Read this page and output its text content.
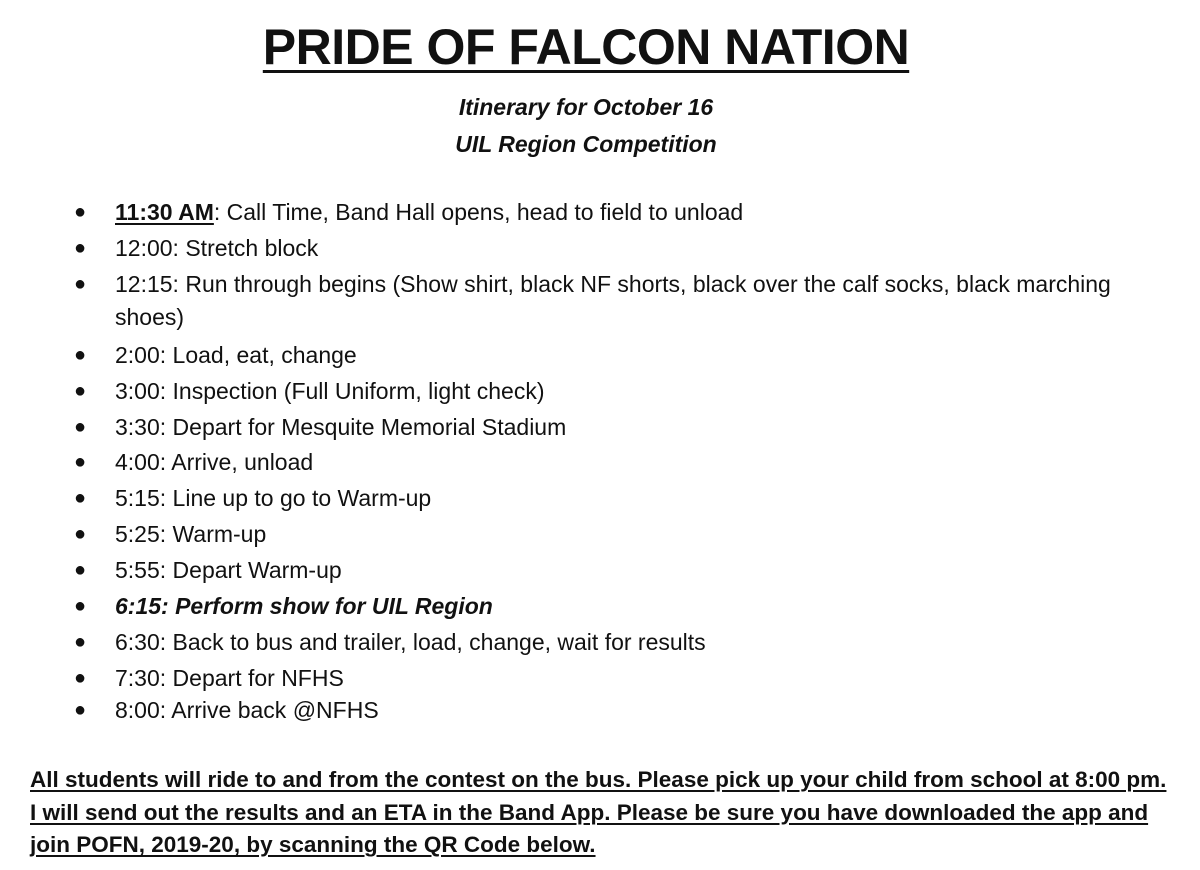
PRIDE OF FALCON NATION
Itinerary for October 16
UIL Region Competition
● 11:30 AM: Call Time, Band Hall opens, head to field to unload
● 12:00: Stretch block
● 12:15: Run through begins (Show shirt, black NF shorts, black over the calf socks, black marching shoes)
● 2:00: Load, eat, change
● 3:00: Inspection (Full Uniform, light check)
● 3:30: Depart for Mesquite Memorial Stadium
● 4:00: Arrive, unload
● 5:15: Line up to go to Warm-up
● 5:25: Warm-up
● 5:55: Depart Warm-up
● 6:15: Perform show for UIL Region
● 6:30: Back to bus and trailer, load, change, wait for results
● 7:30: Depart for NFHS
● 8:00: Arrive back @NFHS
All students will ride to and from the contest on the bus. Please pick up your child from school at 8:00 pm. I will send out the results and an ETA in the Band App. Please be sure you have downloaded the app and join POFN, 2019-20, by scanning the QR Code below.
